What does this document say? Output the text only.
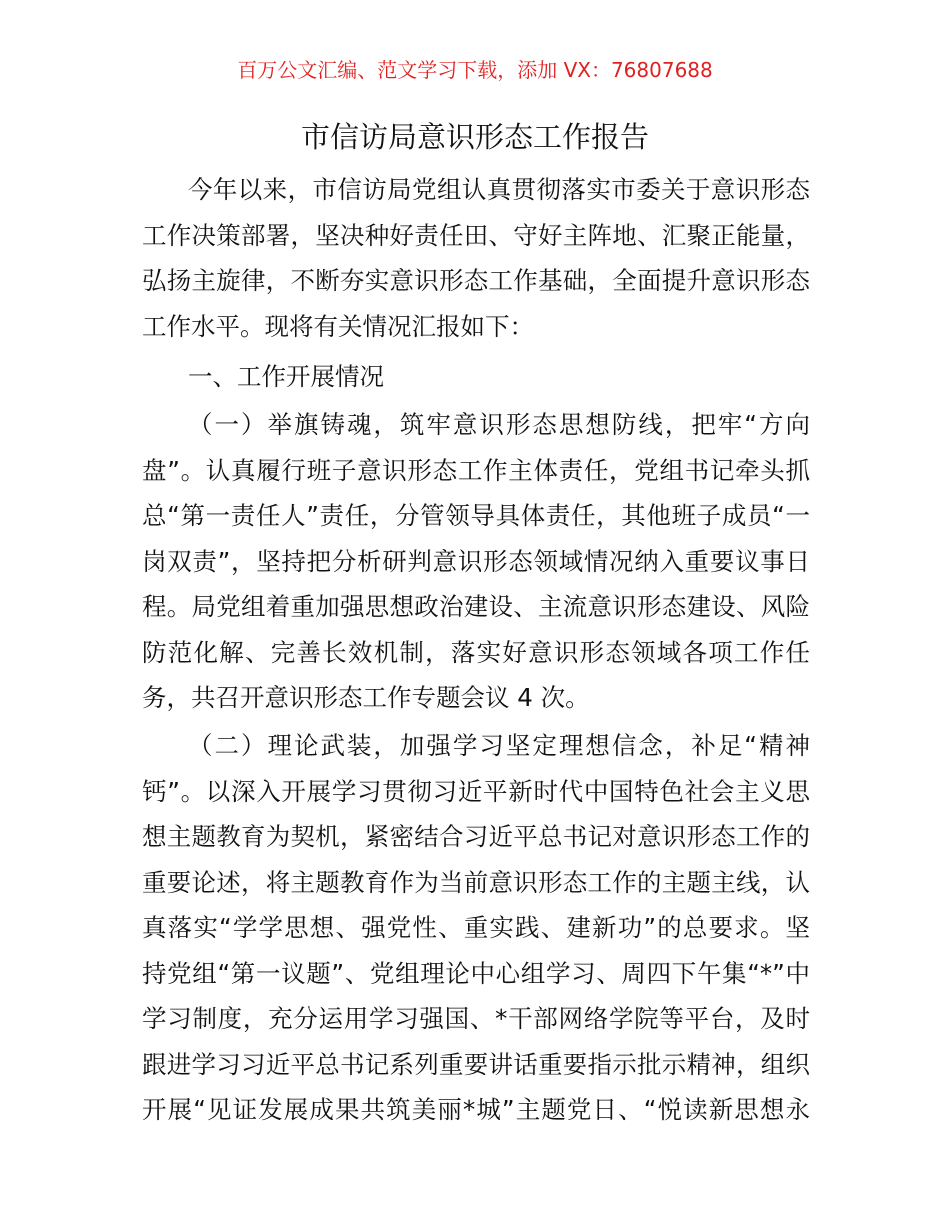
百万公文汇编、范文学习下载，添加 VX：76807688
市信访局意识形态工作报告
今年以来，市信访局党组认真贯彻落实市委关于意识形态
工作决策部署，坚决种好责任田、守好主阵地、汇聚正能量，
弘扬主旋律，不断夯实意识形态工作基础，全面提升意识形态
工作水平。现将有关情况汇报如下：
一、工作开展情况
（一）举旗铸魂，筑牢意识形态思想防线，把牢“方向
盘”。认真履行班子意识形态工作主体责任，党组书记牵头抓
总“第一责任人”责任，分管领导具体责任，其他班子成员“一
岗双责”，坚持把分析研判意识形态领域情况纳入重要议事日
程。局党组着重加强思想政治建设、主流意识形态建设、风险
防范化解、完善长效机制，落实好意识形态领域各项工作任
务，共召开意识形态工作专题会议 4 次。
（二）理论武装，加强学习坚定理想信念，补足“精神
钙”。以深入开展学习贯彻习近平新时代中国特色社会主义思
想主题教育为契机，紧密结合习近平总书记对意识形态工作的
重要论述，将主题教育作为当前意识形态工作的主题主线，认
真落实“学学思想、强党性、重实践、建新功”的总要求。坚
持党组“第一议题”、党组理论中心组学习、周四下午集“*”中
学习制度，充分运用学习强国、*干部网络学院等平台，及时
跟进学习习近平总书记系列重要讲话重要指示批示精神，组织
开展“见证发展成果共筑美丽*城”主题党日、“悦读新思想永
